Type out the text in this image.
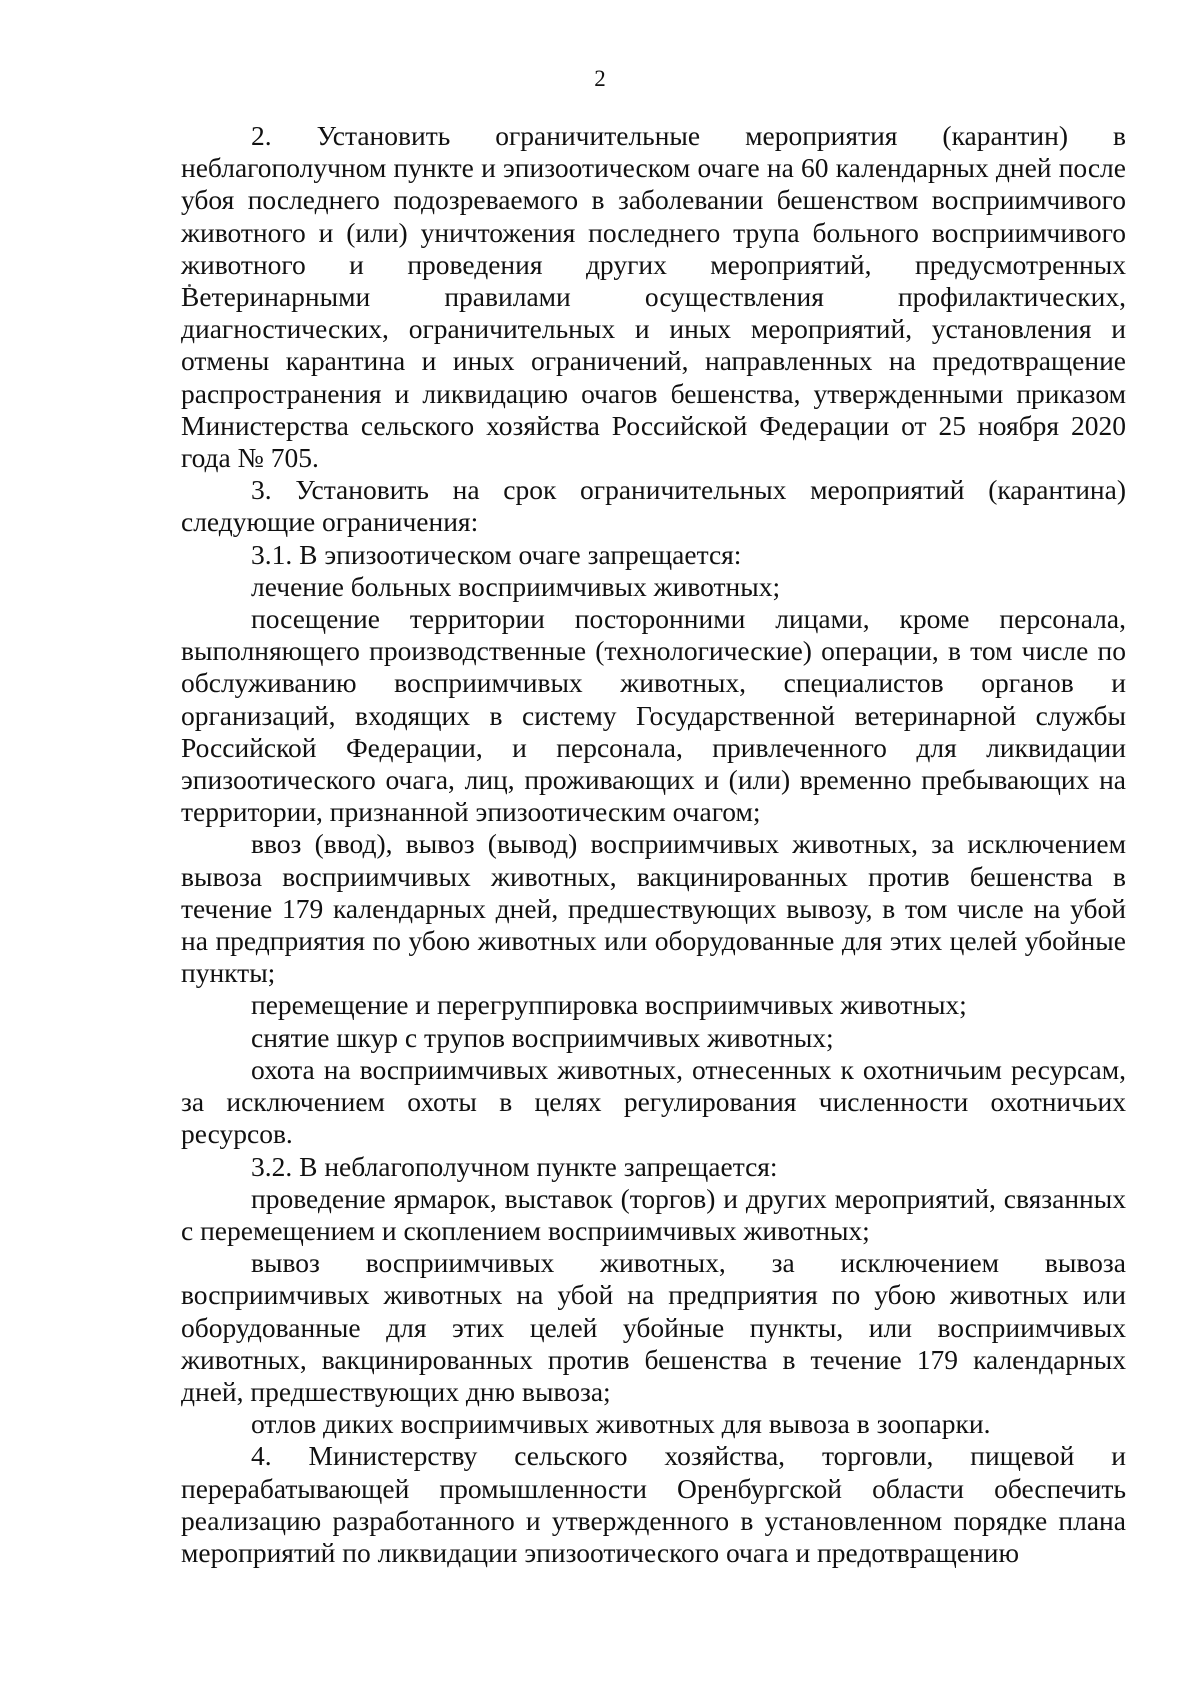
2

2. Установить ограничительные мероприятия (карантин) в неблагополучном пункте и эпизоотическом очаге на 60 календарных дней после убоя последнего подозреваемого в заболевании бешенством восприимчивого животного и (или) уничтожения последнего трупа больного восприимчивого животного и проведения других мероприятий, предусмотренных Ветеринарными правилами осуществления профилактических, диагностических, ограничительных и иных мероприятий, установления и отмены карантина и иных ограничений, направленных на предотвращение распространения и ликвидацию очагов бешенства, утвержденными приказом Министерства сельского хозяйства Российской Федерации от 25 ноября 2020 года № 705.

3. Установить на срок ограничительных мероприятий (карантина) следующие ограничения:

3.1. В эпизоотическом очаге запрещается:

лечение больных восприимчивых животных;

посещение территории посторонними лицами, кроме персонала, выполняющего производственные (технологические) операции, в том числе по обслуживанию восприимчивых животных, специалистов органов и организаций, входящих в систему Государственной ветеринарной службы Российской Федерации, и персонала, привлеченного для ликвидации эпизоотического очага, лиц, проживающих и (или) временно пребывающих на территории, признанной эпизоотическим очагом;

ввоз (ввод), вывоз (вывод) восприимчивых животных, за исключением вывоза восприимчивых животных, вакцинированных против бешенства в течение 179 календарных дней, предшествующих вывозу, в том числе на убой на предприятия по убою животных или оборудованные для этих целей убойные пункты;

перемещение и перегруппировка восприимчивых животных;

снятие шкур с трупов восприимчивых животных;

охота на восприимчивых животных, отнесенных к охотничьим ресурсам, за исключением охоты в целях регулирования численности охотничьих ресурсов.

3.2. В неблагополучном пункте запрещается:

проведение ярмарок, выставок (торгов) и других мероприятий, связанных с перемещением и скоплением восприимчивых животных;

вывоз восприимчивых животных, за исключением вывоза восприимчивых животных на убой на предприятия по убою животных или оборудованные для этих целей убойные пункты, или восприимчивых животных, вакцинированных против бешенства в течение 179 календарных дней, предшествующих дню вывоза;

отлов диких восприимчивых животных для вывоза в зоопарки.

4. Министерству сельского хозяйства, торговли, пищевой и перерабатывающей промышленности Оренбургской области обеспечить реализацию разработанного и утвержденного в установленном порядке плана мероприятий по ликвидации эпизоотического очага и предотвращению
